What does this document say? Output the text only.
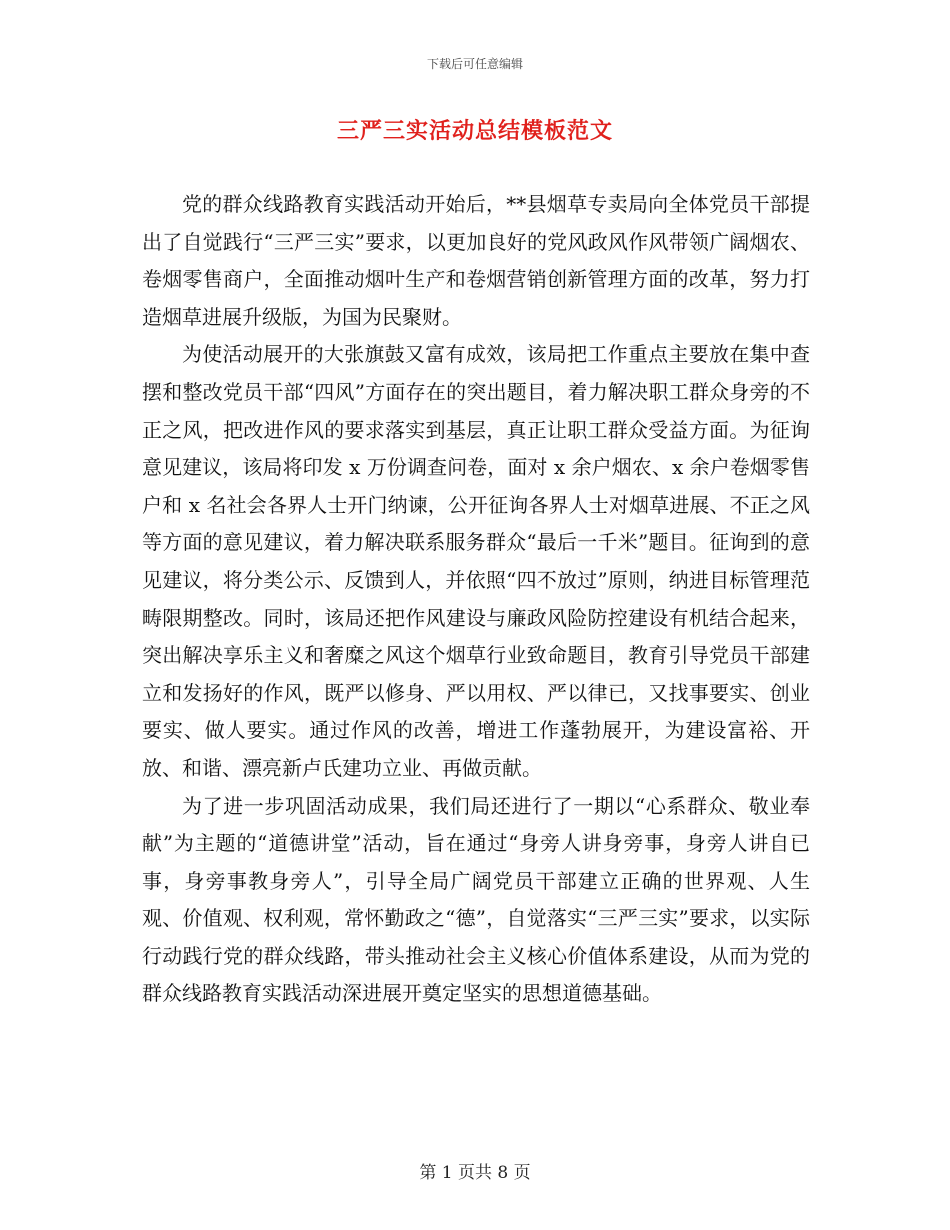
下载后可任意编辑
三严三实活动总结模板范文

党的群众线路教育实践活动开始后，**县烟草专卖局向全体党员干部提出了自觉践行“三严三实”要求，以更加良好的党风政风作风带领广阔烟农、卷烟零售商户，全面推动烟叶生产和卷烟营销创新管理方面的改革，努力打造烟草进展升级版，为国为民聚财。

为使活动展开的大张旗鼓又富有成效，该局把工作重点主要放在集中查摆和整改党员干部“四风”方面存在的突出题目，着力解决职工群众身旁的不正之风，把改进作风的要求落实到基层，真正让职工群众受益方面。为征询意见建议，该局将印发 x 万份调查问卷，面对 x 余户烟农、x 余户卷烟零售户和 x 名社会各界人士开门纳谏，公开征询各界人士对烟草进展、不正之风等方面的意见建议，着力解决联系服务群众“最后一千米”题目。征询到的意见建议，将分类公示、反馈到人，并依照“四不放过”原则，纳进目标管理范畴限期整改。同时，该局还把作风建设与廉政风险防控建设有机结合起来，突出解决享乐主义和奢糜之风这个烟草行业致命题目，教育引导党员干部建立和发扬好的作风，既严以修身、严以用权、严以律已，又找事要实、创业要实、做人要实。通过作风的改善，增进工作蓬勃展开，为建设富裕、开放、和谐、漂亮新卢氏建功立业、再做贡献。

为了进一步巩固活动成果，我们局还进行了一期以“心系群众、敬业奉献”为主题的“道德讲堂”活动，旨在通过“身旁人讲身旁事，身旁人讲自已事，身旁事教身旁人”，引导全局广阔党员干部建立正确的世界观、人生观、价值观、权利观，常怀勤政之“德”，自觉落实“三严三实”要求，以实际行动践行党的群众线路，带头推动社会主义核心价值体系建设，从而为党的群众线路教育实践活动深进展开奠定坚实的思想道德基础。

第 1 页共 8 页
